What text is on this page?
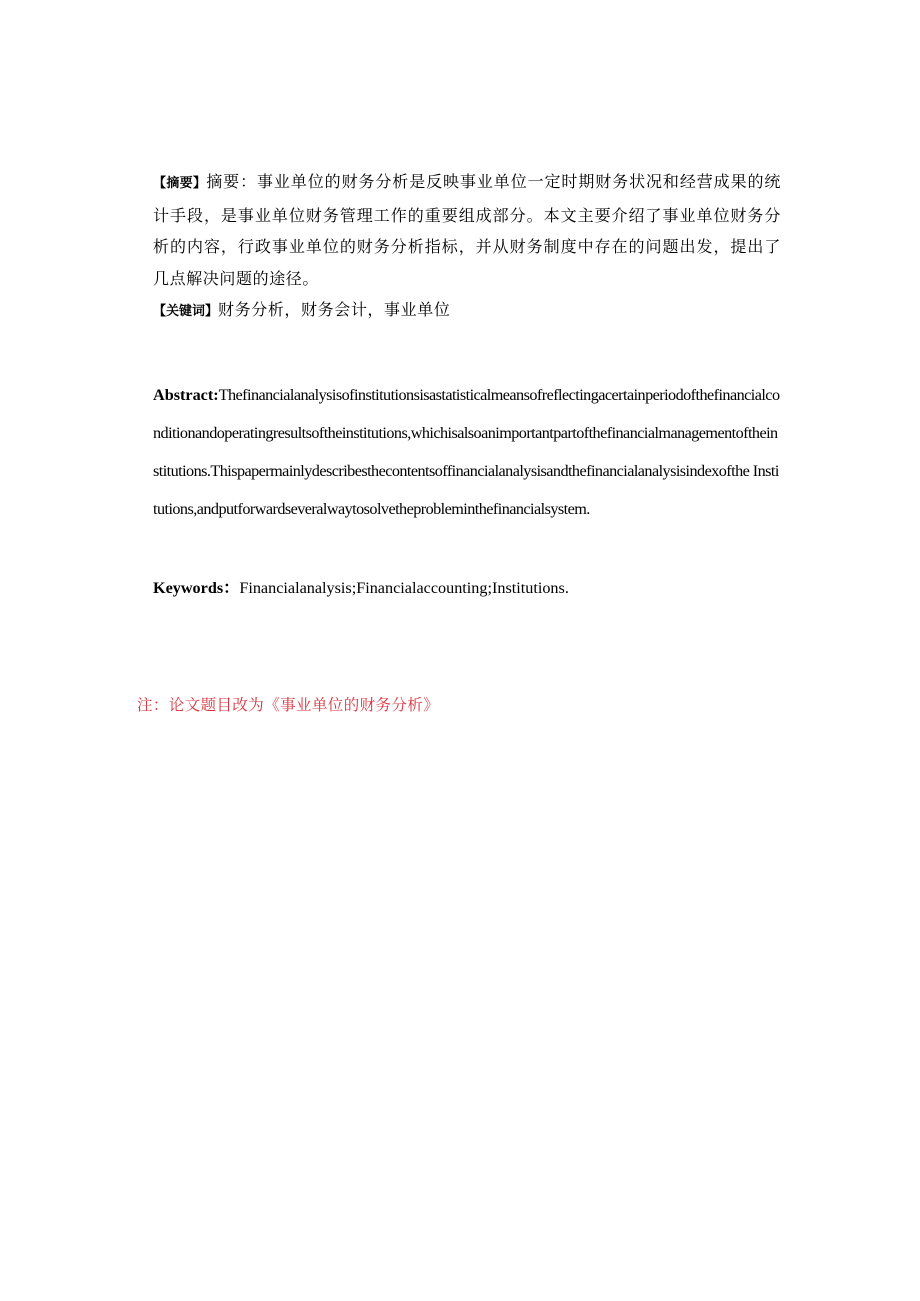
【摘要】摘要：事业单位的财务分析是反映事业单位一定时期财务状况和经营成果的统计手段，是事业单位财务管理工作的重要组成部分。本文主要介绍了事业单位财务分析的内容，行政事业单位的财务分析指标，并从财务制度中存在的问题出发，提出了几点解决问题的途径。
【关键词】财务分析，财务会计，事业单位
Abstract:Thefinancialanalysisofinstitutionsisastatisticalmeansofreflectingacertainperiodofthefinancialconditionandoperatingresultsoftheinstitutions,whichisalsoanimportantpartofthefinancialmanagementoftheinstitutions.Thispapermainlydescribesthecontentsoffinancialanalysisandthefinancialanalysisindexofthe Institutions,andputforwardseveralwaytosolvetheprobleminthefinancialsystem.
Keywords：Financialanalysis;Financialaccounting;Institutions.
注：论文题目改为《事业单位的财务分析》
